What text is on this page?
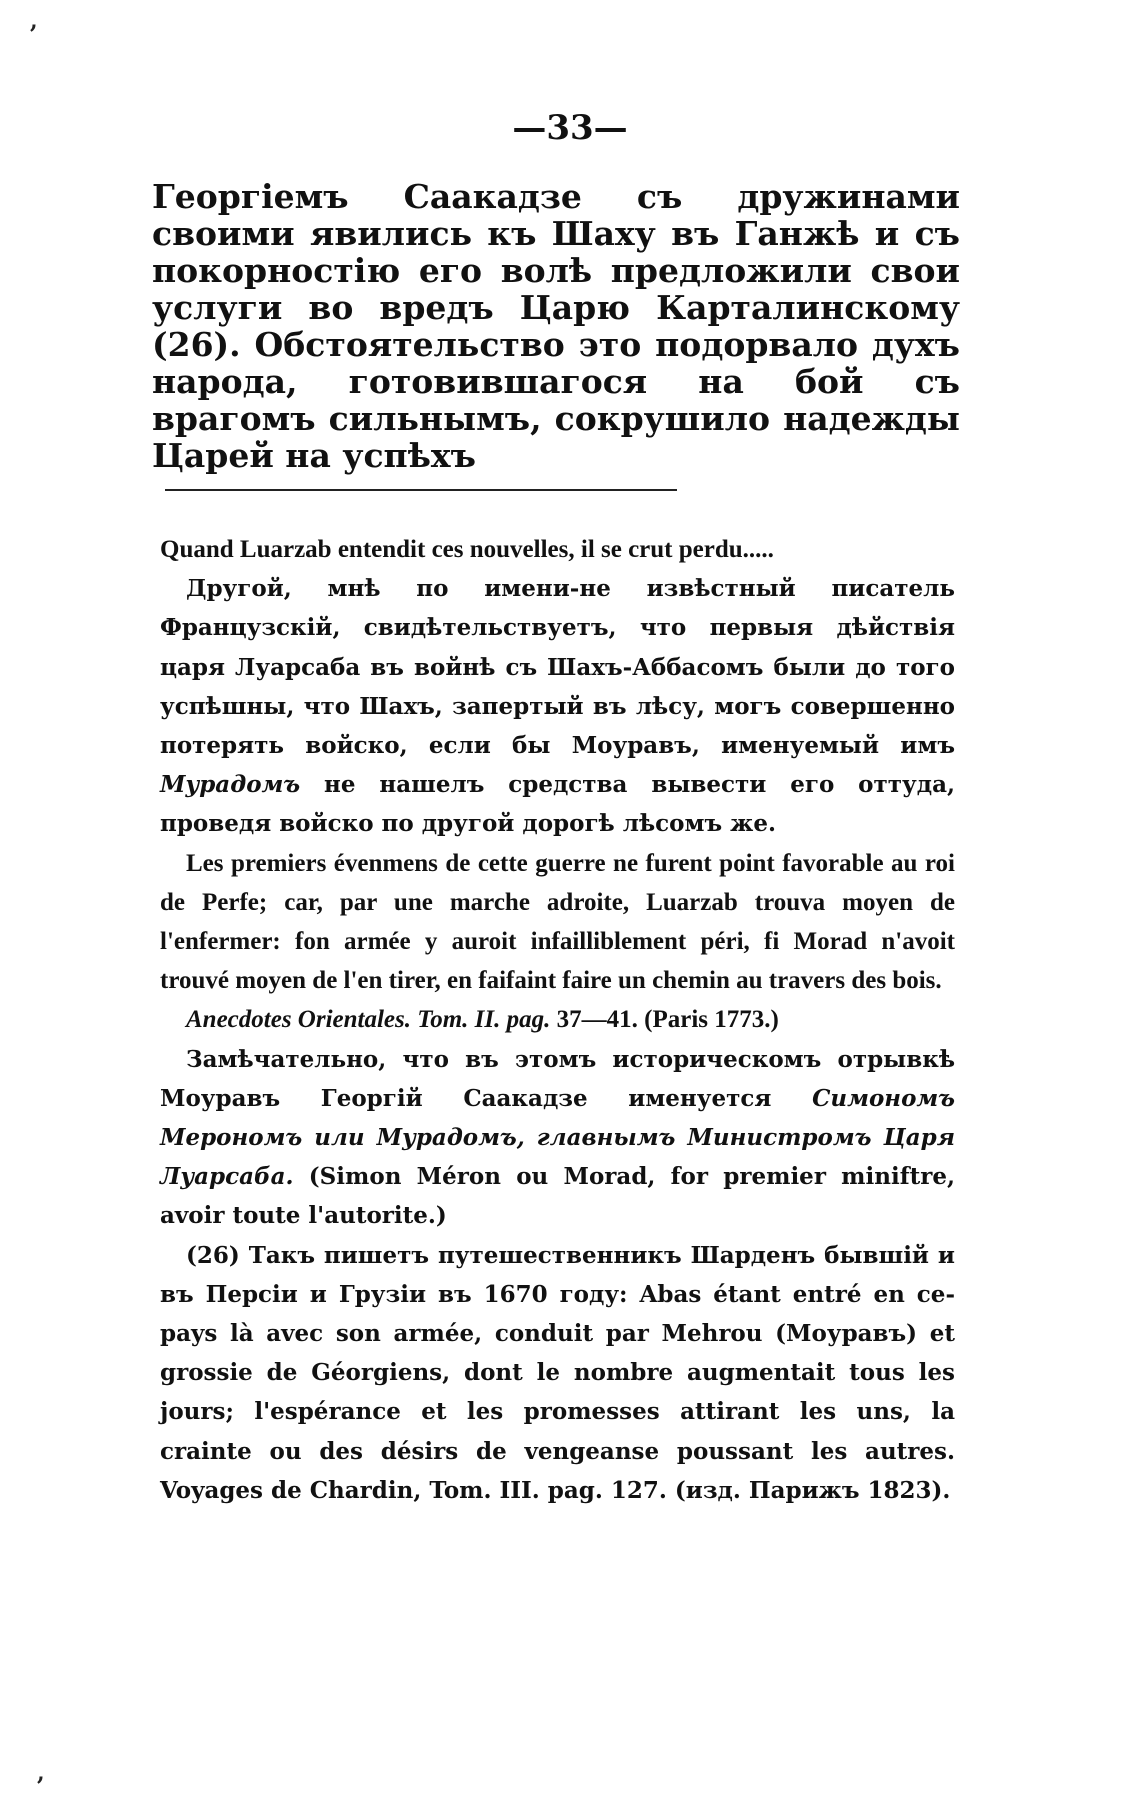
—33—
Георгіемъ Саакадзе съ дружинами своими явились къ Шаху въ Ганжѣ и съ покорностію его волѣ предложили свои услуги во вредъ Царю Карталинскому (26). Обстоятельство это подорвало духъ народа, готовившагося на бой съ врагомъ сильнымъ, сокрушило надежды Царей на успѣхъ

Quand Luarzab entendit ces nouvelles, il se crut perdu.....

Другой, мнѣ по имени-не извѣстный писатель Французскій, свидѣтельствуетъ, что первыя дѣйствія царя Луарсаба въ войнѣ съ Шахъ-Аббасомъ были до того успѣшны, что Шахъ, запертый въ лѣсу, могъ совершенно потерять войско, если бы Моуравъ, именуемый имъ Мурадомъ не нашелъ средства вывести его оттуда, проведя войско по другой дорогѣ лѣсомъ же.

Les premiers évenmens de cette guerre ne furent point favorable au roi de Perfe; car, par une marche adroite, Luarzab trouva moyen de l'enfermer: fon armée y auroit infailliblement péri, fi Morad n'avoit trouvé moyen de l'en tirer, en faifaint faire un chemin au travers des bois.

Anecdotes Orientales. Tom. II. pag. 37—41. (Paris 1773.)

Замѣчательно, что въ этомъ историческомъ отрывкѣ Моуравъ Георгій Саакадзе именуется Симономъ Мерономъ или Мурадомъ, главнымъ Министромъ Царя Луарсаба. (Simon Méron ou Morad, for premier miniftre, avoir toute l'autorite.)

(26) Такъ пишетъ путешественникъ Шарденъ бывшій и въ Персіи и Грузіи въ 1670 году: Abas étant entré en ce-pays là avec son armée, conduit par Mehrou (Моуравъ) et grossie de Géorgiens, dont le nombre augmentait tous les jours; l'espérance et les promesses attirant les uns, la crainte ou des désirs de vengeanse poussant les autres. Voyages de Chardin, Tom. III. pag. 127. (изд. Парижъ 1823).

,
,
